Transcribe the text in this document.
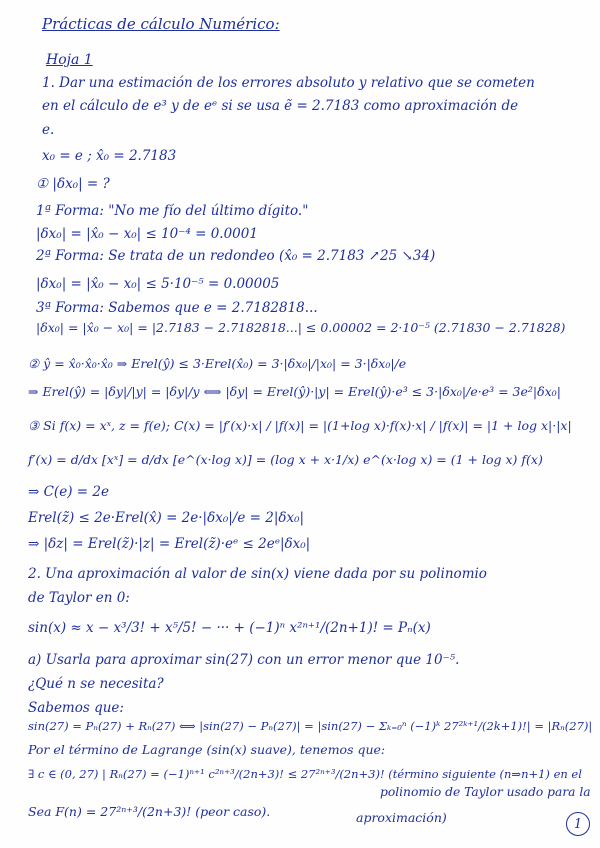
Prácticas de cálculo Numérico:
Hoja 1
1. Dar una estimación de los errores absoluto y relativo que se cometen
en el cálculo de e³ y de eᵉ si se usa ẽ = 2.7183 como aproximación de
e.
x₀ = e ; x̂₀ = 2.7183
① |δx₀| = ?
1ª Forma: "No me fío del último dígito."
|δx₀| = |x̂₀ − x₀| ≤ 10⁻⁴ = 0.0001
2ª Forma: Se trata de un redondeo (x̂₀ = 2.7183 ↗25 ↘34)
|δx₀| = |x̂₀ − x₀| ≤ 5·10⁻⁵ = 0.00005
3ª Forma: Sabemos que e = 2.7182818...
|δx₀| = |x̂₀ − x₀| = |2.7183 − 2.7182818...| ≤ 0.00002 = 2·10⁻⁵ (2.71830 − 2.71828)
② ŷ = x̂₀·x̂₀·x̂₀ ⇒ Erel(ŷ) ≤ 3·Erel(x̂₀) = 3·|δx₀|/|x₀| = 3·|δx₀|/e
⇒ Erel(ŷ) = |δy|/|y| = |δy|/y ⟺ |δy| = Erel(ŷ)·|y| = Erel(ŷ)·e³ ≤ 3·|δx₀|/e·e³ = 3e²|δx₀|
③ Si f(x) = xˣ, z = f(e); C(x) = |f′(x)·x| / |f(x)| = |(1+log x)·f(x)·x| / |f(x)| = |1 + log x|·|x|
f′(x) = d/dx [xˣ] = d/dx [e^(x·log x)] = (log x + x·1/x) e^(x·log x) = (1 + log x) f(x)
⇒ C(e) = 2e
Erel(z̃) ≤ 2e·Erel(x̂) = 2e·|δx₀|/e = 2|δx₀|
⇒ |δz| = Erel(z̃)·|z| = Erel(z̃)·eᵉ ≤ 2eᵉ|δx₀|
2. Una aproximación al valor de sin(x) viene dada por su polinomio
de Taylor en 0:
sin(x) ≈ x − x³/3! + x⁵/5! − ··· + (−1)ⁿ x²ⁿ⁺¹/(2n+1)! = Pₙ(x)
a) Usarla para aproximar sin(27) con un error menor que 10⁻⁵.
¿Qué n se necesita?
Sabemos que:
sin(27) = Pₙ(27) + Rₙ(27) ⟺ |sin(27) − Pₙ(27)| = |sin(27) − Σₖ₌₀ⁿ (−1)ᵏ 27²ᵏ⁺¹/(2k+1)!| = |Rₙ(27)|
Por el término de Lagrange (sin(x) suave), tenemos que:
∃ c ∈ (0, 27) | Rₙ(27) = (−1)ⁿ⁺¹ c²ⁿ⁺³/(2n+3)! ≤ 27²ⁿ⁺³/(2n+3)! (término siguiente (n⇒n+1) en el
polinomio de Taylor usado para la
Sea F(n) = 27²ⁿ⁺³/(2n+3)! (peor caso).	aproximación)	1
